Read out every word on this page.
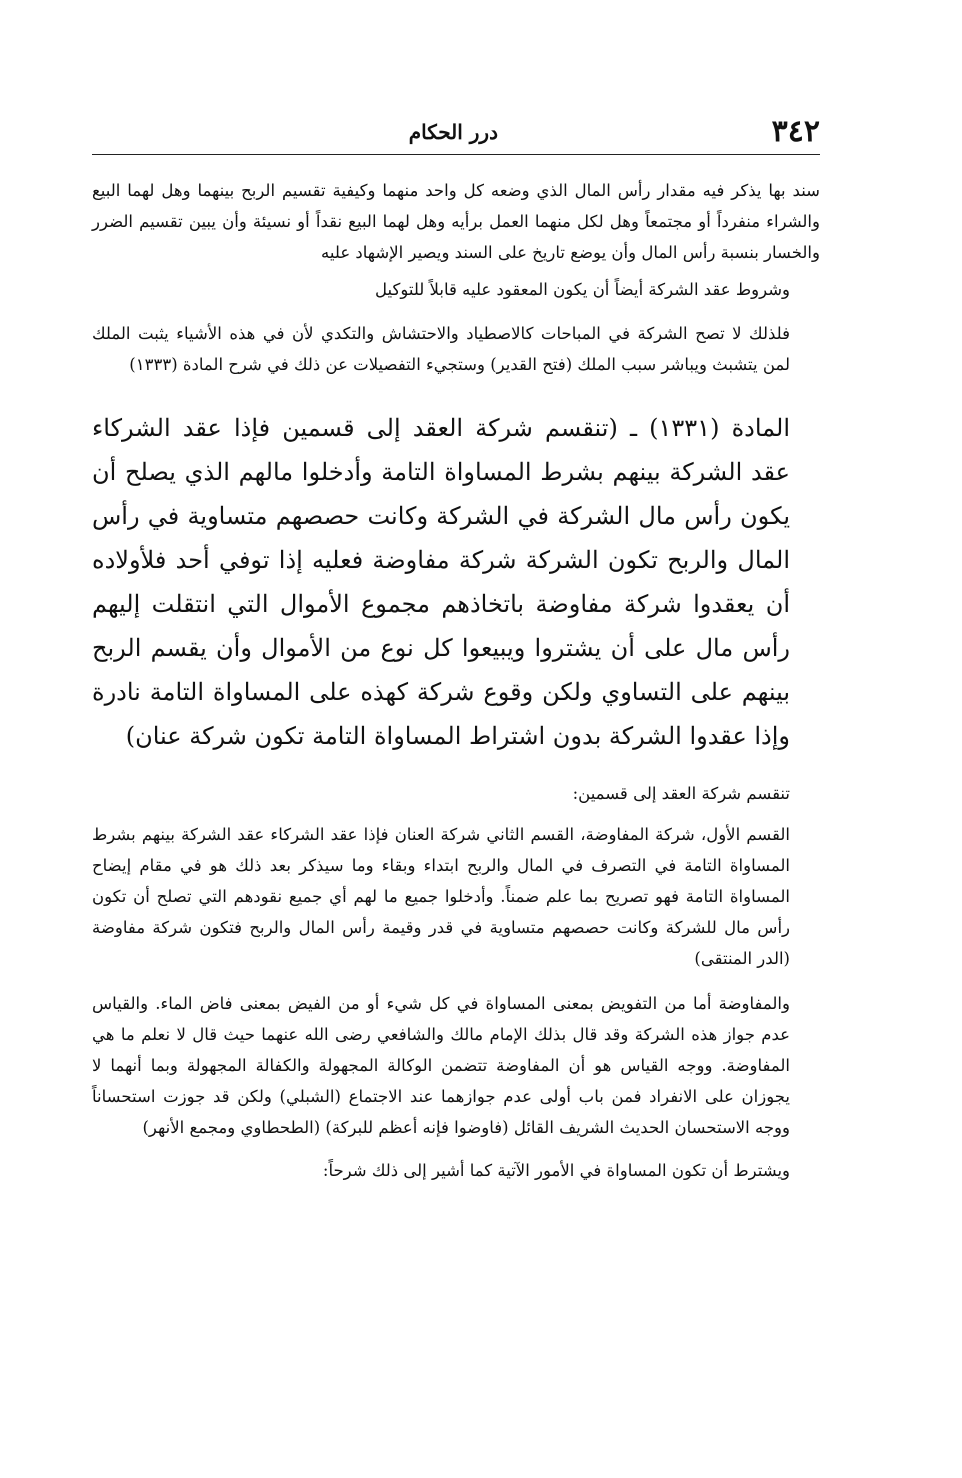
٣٤٢
درر الحكام

سند بها يذكر فيه مقدار رأس المال الذي وضعه كل واحد منهما وكيفية تقسيم الربح بينهما وهل لهما البيع والشراء منفرداً أو مجتمعاً وهل لكل منهما العمل برأيه وهل لهما البيع نقداً أو نسيئة وأن يبين تقسيم الضرر والخسار بنسبة رأس المال وأن يوضع تاريخ على السند ويصير الإشهاد عليه

وشروط عقد الشركة أيضاً أن يكون المعقود عليه قابلاً للتوكيل

فلذلك لا تصح الشركة في المباحات كالاصطياد والاحتشاش والتكدي لأن في هذه الأشياء يثبت الملك لمن يتشبث ويباشر سبب الملك (فتح القدير) وستجيء التفصيلات عن ذلك في شرح المادة (١٣٣٣)

المادة (١٣٣١) ـ (تنقسم شركة العقد إلى قسمين فإذا عقد الشركاء عقد الشركة بينهم بشرط المساواة التامة وأدخلوا مالهم الذي يصلح أن يكون رأس مال الشركة في الشركة وكانت حصصهم متساوية في رأس المال والربح تكون الشركة شركة مفاوضة فعليه إذا توفي أحد فلأولاده أن يعقدوا شركة مفاوضة باتخاذهم مجموع الأموال التي انتقلت إليهم رأس مال على أن يشتروا ويبيعوا كل نوع من الأموال وأن يقسم الربح بينهم على التساوي ولكن وقوع شركة كهذه على المساواة التامة نادرة وإذا عقدوا الشركة بدون اشتراط المساواة التامة تكون شركة عنان)

تنقسم شركة العقد إلى قسمين:

القسم الأول، شركة المفاوضة، القسم الثاني شركة العنان فإذا عقد الشركاء عقد الشركة بينهم بشرط المساواة التامة في التصرف في المال والربح ابتداء وبقاء وما سيذكر بعد ذلك هو في مقام إيضاح المساواة التامة فهو تصريح بما علم ضمناً. وأدخلوا جميع ما لهم أي جميع نقودهم التي تصلح أن تكون رأس مال للشركة وكانت حصصهم متساوية في قدر وقيمة رأس المال والربح فتكون شركة مفاوضة (الدر المنتقى)

والمفاوضة أما من التفويض بمعنى المساواة في كل شيء أو من الفيض بمعنى فاض الماء. والقياس عدم جواز هذه الشركة وقد قال بذلك الإمام مالك والشافعي رضى الله عنهما حيث قال لا نعلم ما هي المفاوضة. ووجه القياس هو أن المفاوضة تتضمن الوكالة المجهولة والكفالة المجهولة وبما أنهما لا يجوزان على الانفراد فمن باب أولى عدم جوازهما عند الاجتماع (الشبلي) ولكن قد جوزت استحساناً ووجه الاستحسان الحديث الشريف القائل (فاوضوا فإنه أعظم للبركة) (الطحطاوي ومجمع الأنهر)

ويشترط أن تكون المساواة في الأمور الآتية كما أشير إلى ذلك شرحاً:
